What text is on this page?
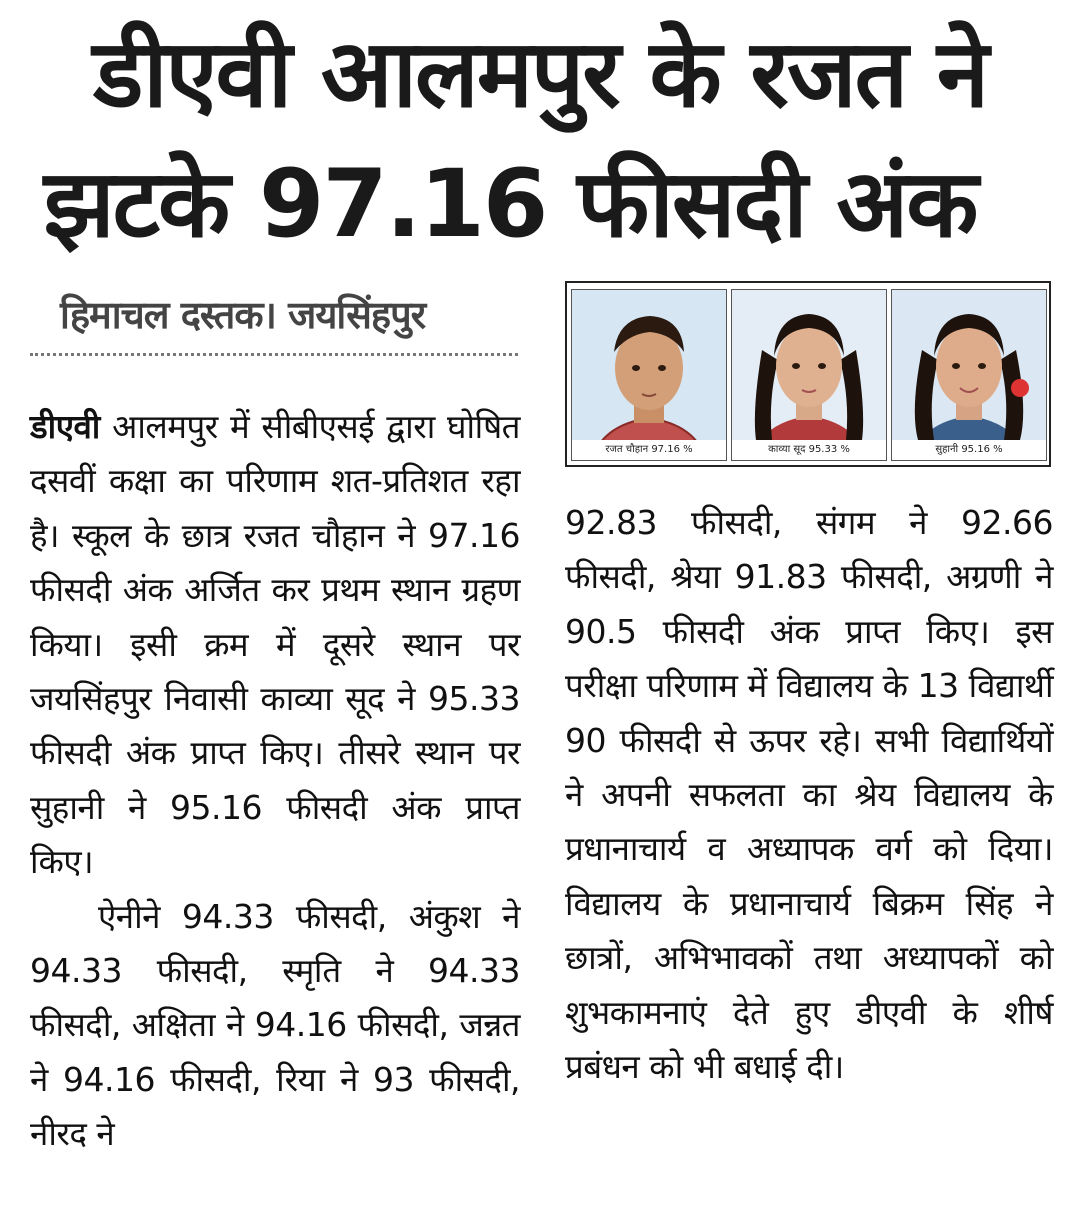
डीएवी आलमपुर के रजत ने
झटके 97.16 फीसदी अंक
हिमाचल दस्तक। जयसिंहपुर
रजत चौहान 97.16 %	काव्या सूद 95.33 %	सुहानी 95.16 %
डीएवी आलमपुर में सीबीएसई द्वारा घोषित दसवीं कक्षा का परिणाम शत-प्रतिशत रहा है। स्कूल के छात्र रजत चौहान ने 97.16 फीसदी अंक अर्जित कर प्रथम स्थान ग्रहण किया। इसी क्रम में दूसरे स्थान पर जयसिंहपुर निवासी काव्या सूद ने 95.33 फीसदी अंक प्राप्त किए। तीसरे स्थान पर सुहानी ने 95.16 फीसदी अंक प्राप्त किए।
ऐनीने 94.33 फीसदी, अंकुश ने 94.33 फीसदी, स्मृति ने 94.33 फीसदी, अक्षिता ने 94.16 फीसदी, जन्नत ने 94.16 फीसदी, रिया ने 93 फीसदी, नीरद ने
92.83 फीसदी, संगम ने 92.66 फीसदी, श्रेया 91.83 फीसदी, अग्रणी ने 90.5 फीसदी अंक प्राप्त किए। इस परीक्षा परिणाम में विद्यालय के 13 विद्यार्थी 90 फीसदी से ऊपर रहे। सभी विद्यार्थियों ने अपनी सफलता का श्रेय विद्यालय के प्रधानाचार्य व अध्यापक वर्ग को दिया। विद्यालय के प्रधानाचार्य बिक्रम सिंह ने छात्रों, अभिभावकों तथा अध्यापकों को शुभकामनाएं देते हुए डीएवी के शीर्ष प्रबंधन को भी बधाई दी।
